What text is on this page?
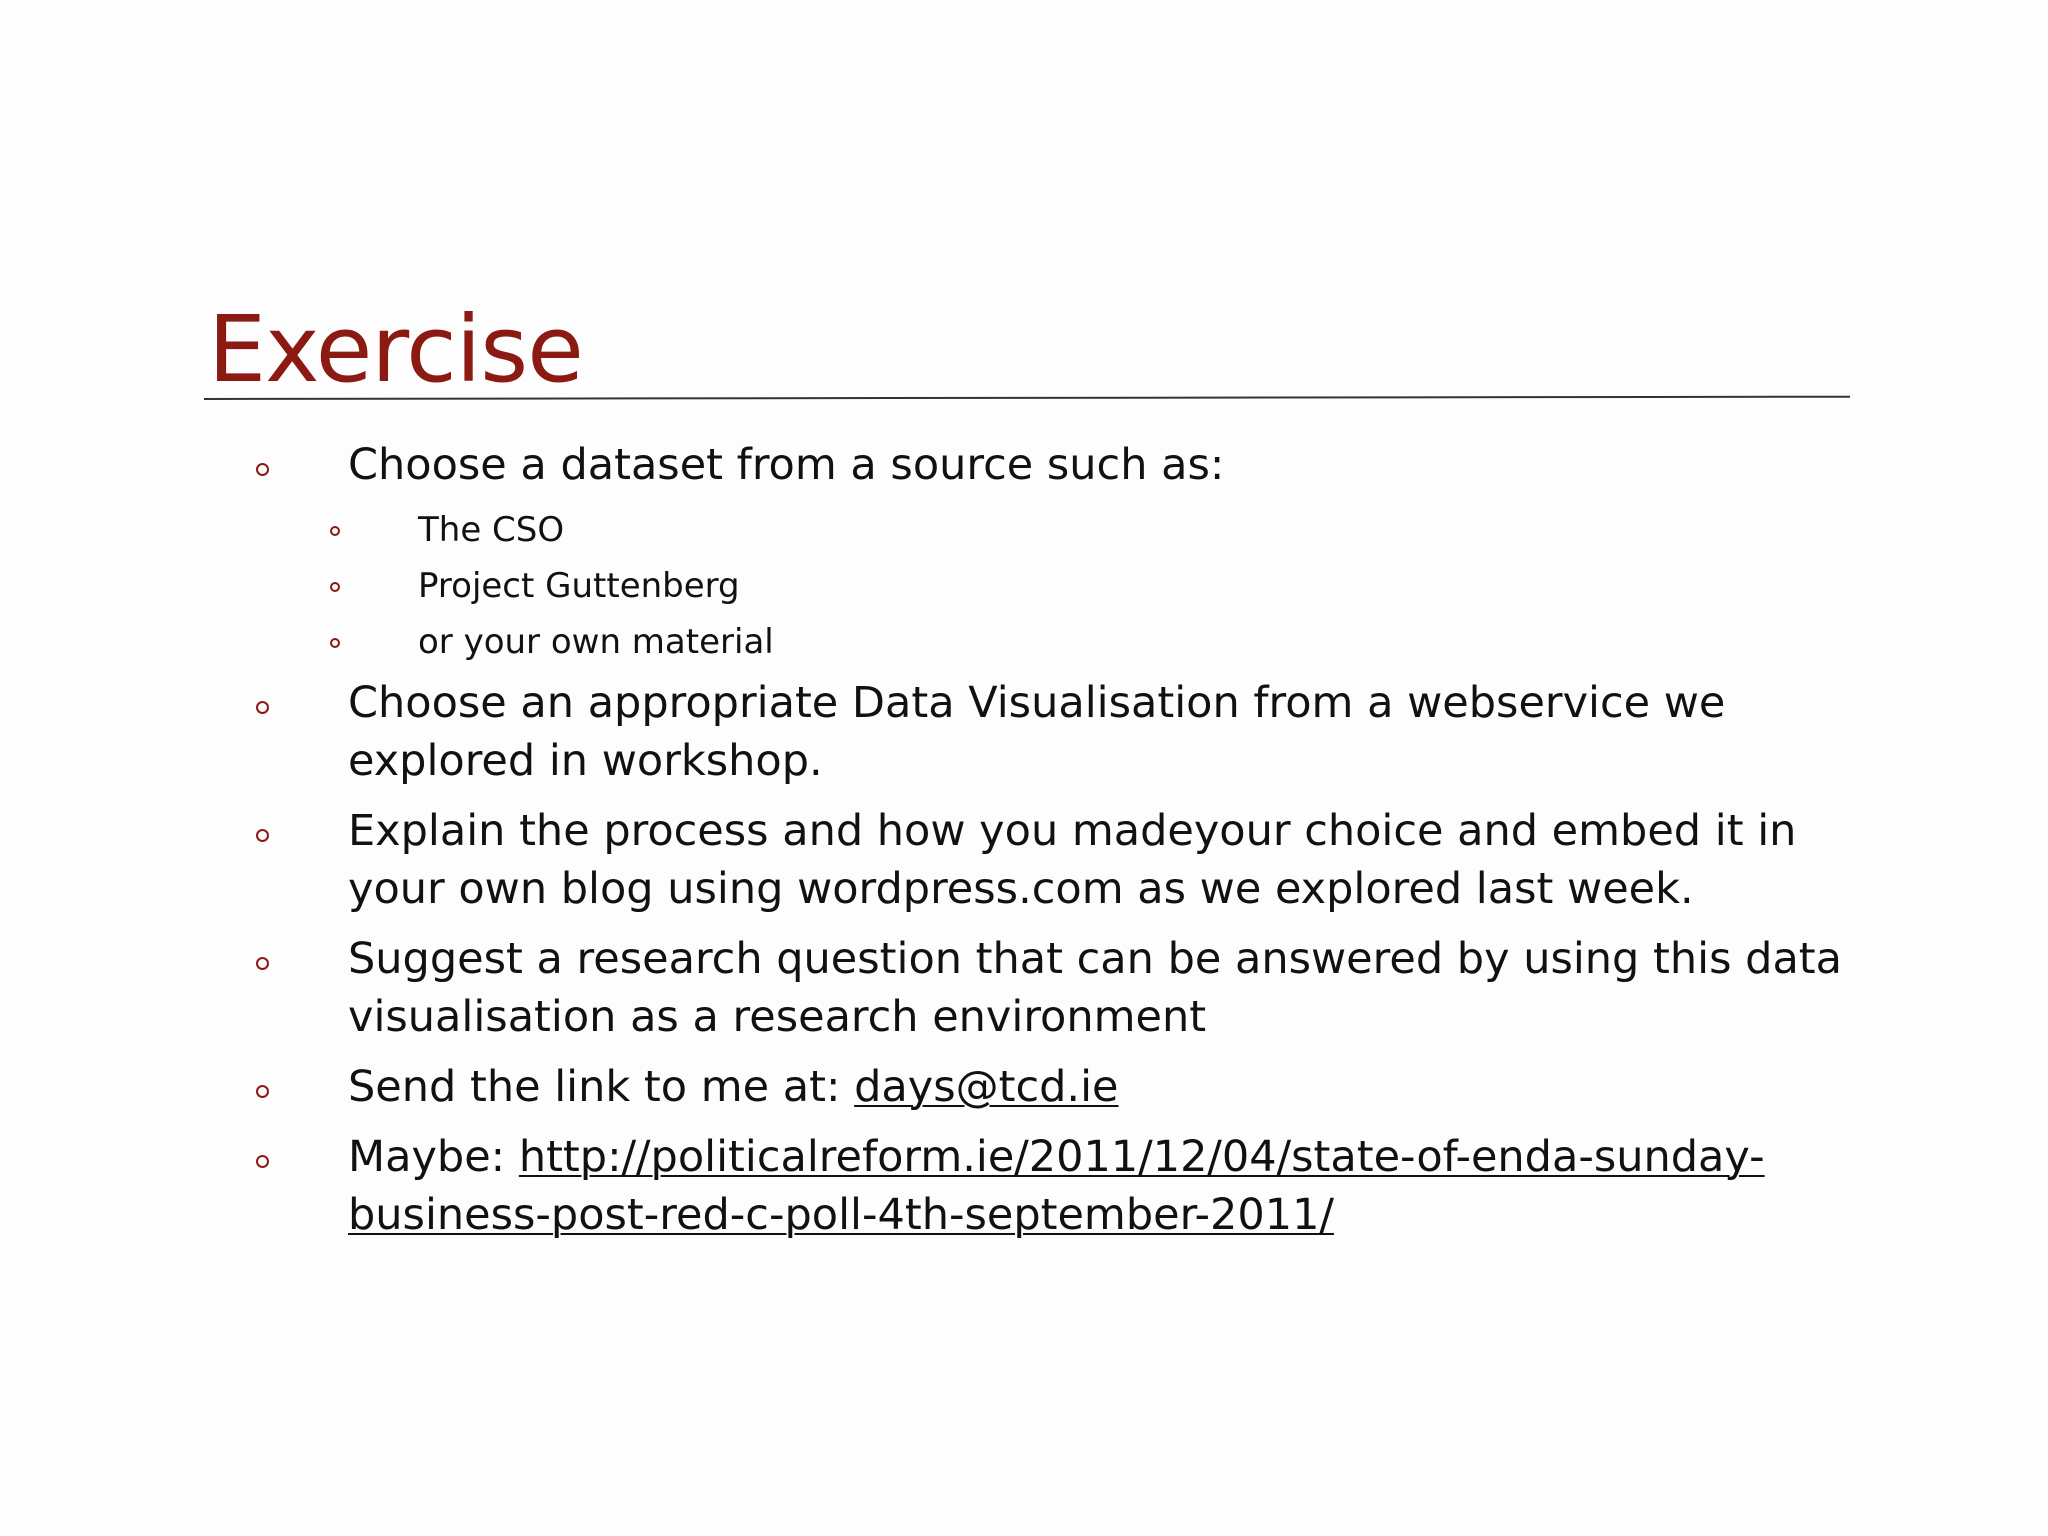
Exercise
Choose a dataset from a source such as:
The CSO
Project Guttenberg
or your own material
Choose an appropriate Data Visualisation from a webservice we explored in workshop.
Explain the process and how you madeyour choice and embed it in your own blog using wordpress.com as we explored last week.
Suggest a research question that can be answered by using this data visualisation as a research environment
Send the link to me at: days@tcd.ie
Maybe: http://politicalreform.ie/2011/12/04/state-of-enda-sunday-business-post-red-c-poll-4th-september-2011/
